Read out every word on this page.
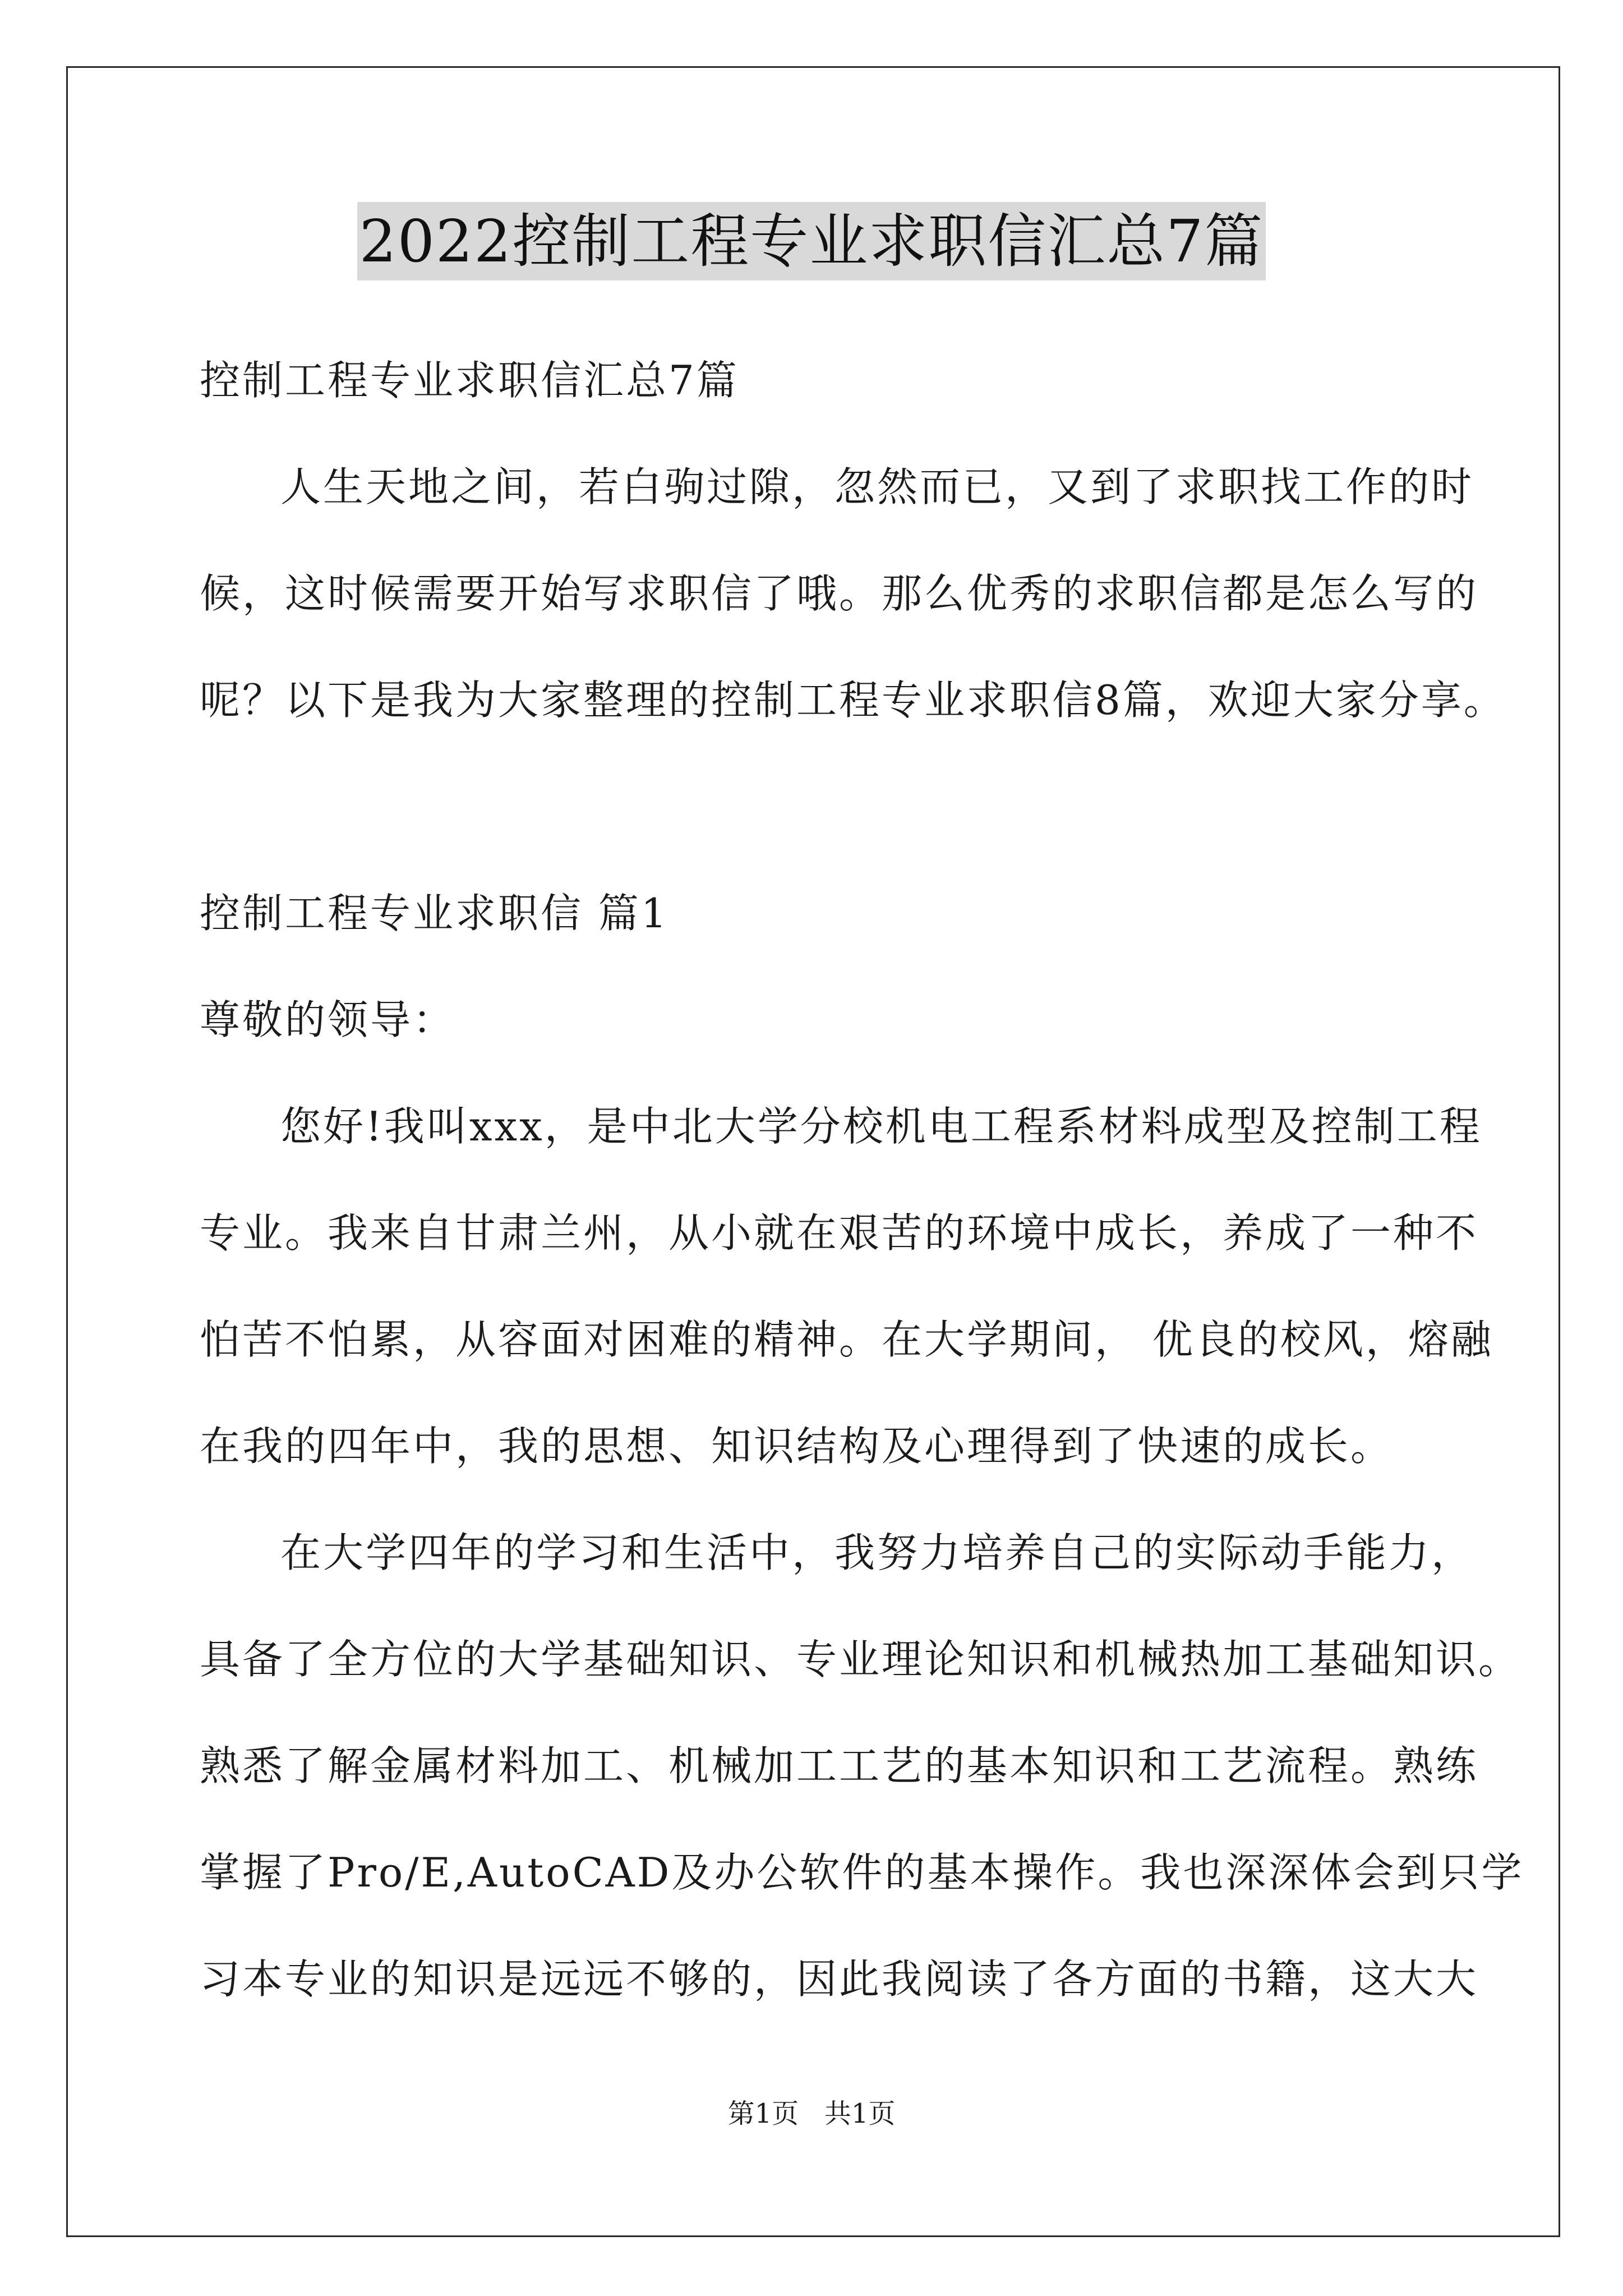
2022控制工程专业求职信汇总7篇
控制工程专业求职信汇总7篇
人生天地之间，若白驹过隙，忽然而已，又到了求职找工作的时
候，这时候需要开始写求职信了哦。那么优秀的求职信都是怎么写的
呢？以下是我为大家整理的控制工程专业求职信8篇，欢迎大家分享。
控制工程专业求职信 篇1
尊敬的领导：
您好!我叫xxx，是中北大学分校机电工程系材料成型及控制工程
专业。我来自甘肃兰州，从小就在艰苦的环境中成长，养成了一种不
怕苦不怕累，从容面对困难的精神。在大学期间， 优良的校风，熔融
在我的四年中，我的思想、知识结构及心理得到了快速的成长。
在大学四年的学习和生活中，我努力培养自己的实际动手能力，
具备了全方位的大学基础知识、专业理论知识和机械热加工基础知识。
熟悉了解金属材料加工、机械加工工艺的基本知识和工艺流程。熟练
掌握了Pro/E,AutoCAD及办公软件的基本操作。我也深深体会到只学
习本专业的知识是远远不够的，因此我阅读了各方面的书籍，这大大
第1页   共1页
